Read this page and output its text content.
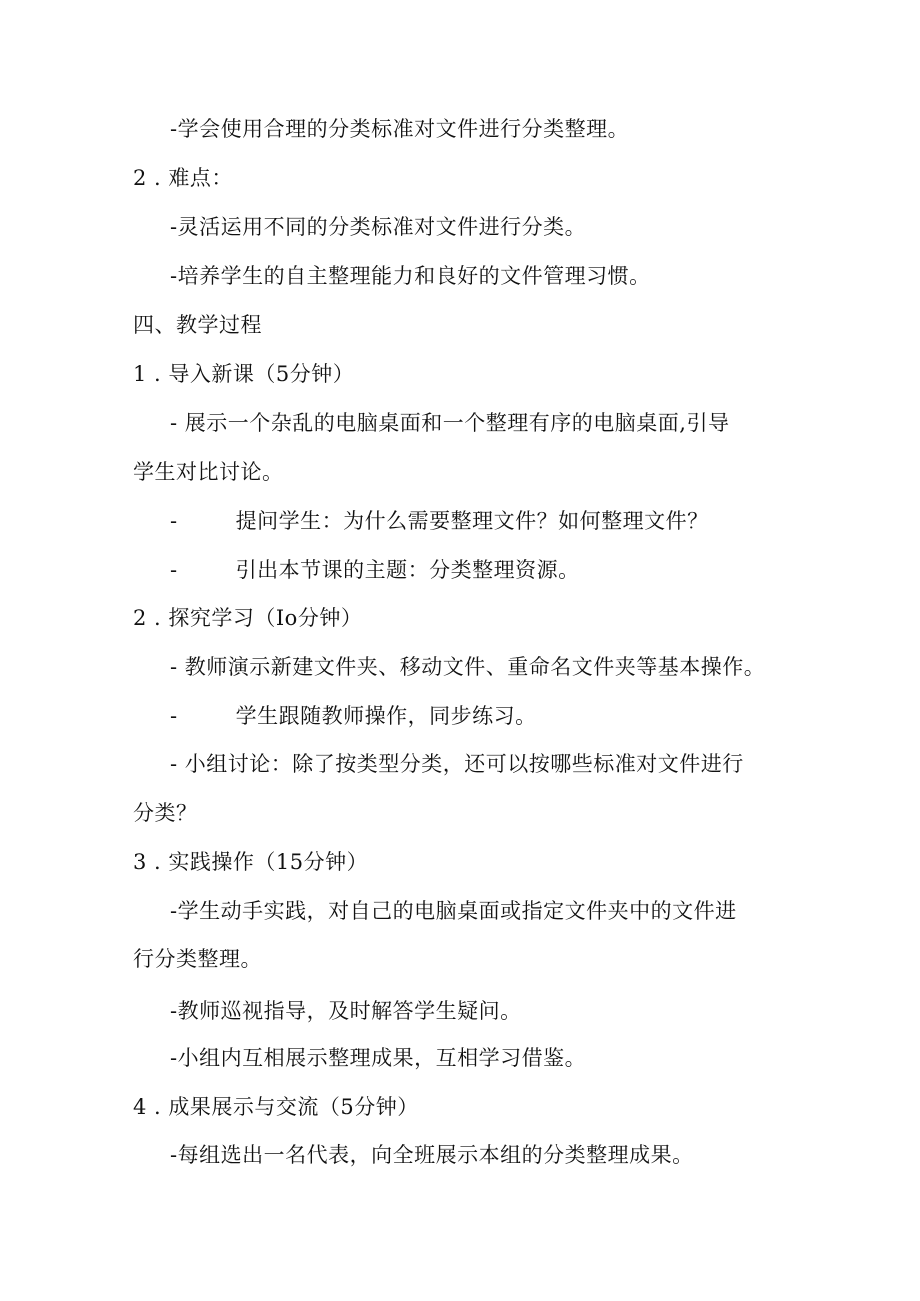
-学会使用合理的分类标准对文件进行分类整理。
2 . 难点：
-灵活运用不同的分类标准对文件进行分类。
-培养学生的自主整理能力和良好的文件管理习惯。
四、教学过程
1 . 导入新课（5分钟）
- 展示一个杂乱的电脑桌面和一个整理有序的电脑桌面,引导
学生对比讨论。
-	提问学生：为什么需要整理文件？如何整理文件？
-	引出本节课的主题：分类整理资源。
2 . 探究学习（Io分钟）
- 教师演示新建文件夹、移动文件、重命名文件夹等基本操作。
-	学生跟随教师操作，同步练习。
- 小组讨论：除了按类型分类，还可以按哪些标准对文件进行
分类？
3 . 实践操作（15分钟）
-学生动手实践，对自己的电脑桌面或指定文件夹中的文件进
行分类整理。
-教师巡视指导，及时解答学生疑问。
-小组内互相展示整理成果，互相学习借鉴。
4 . 成果展示与交流（5分钟）
-每组选出一名代表，向全班展示本组的分类整理成果。
